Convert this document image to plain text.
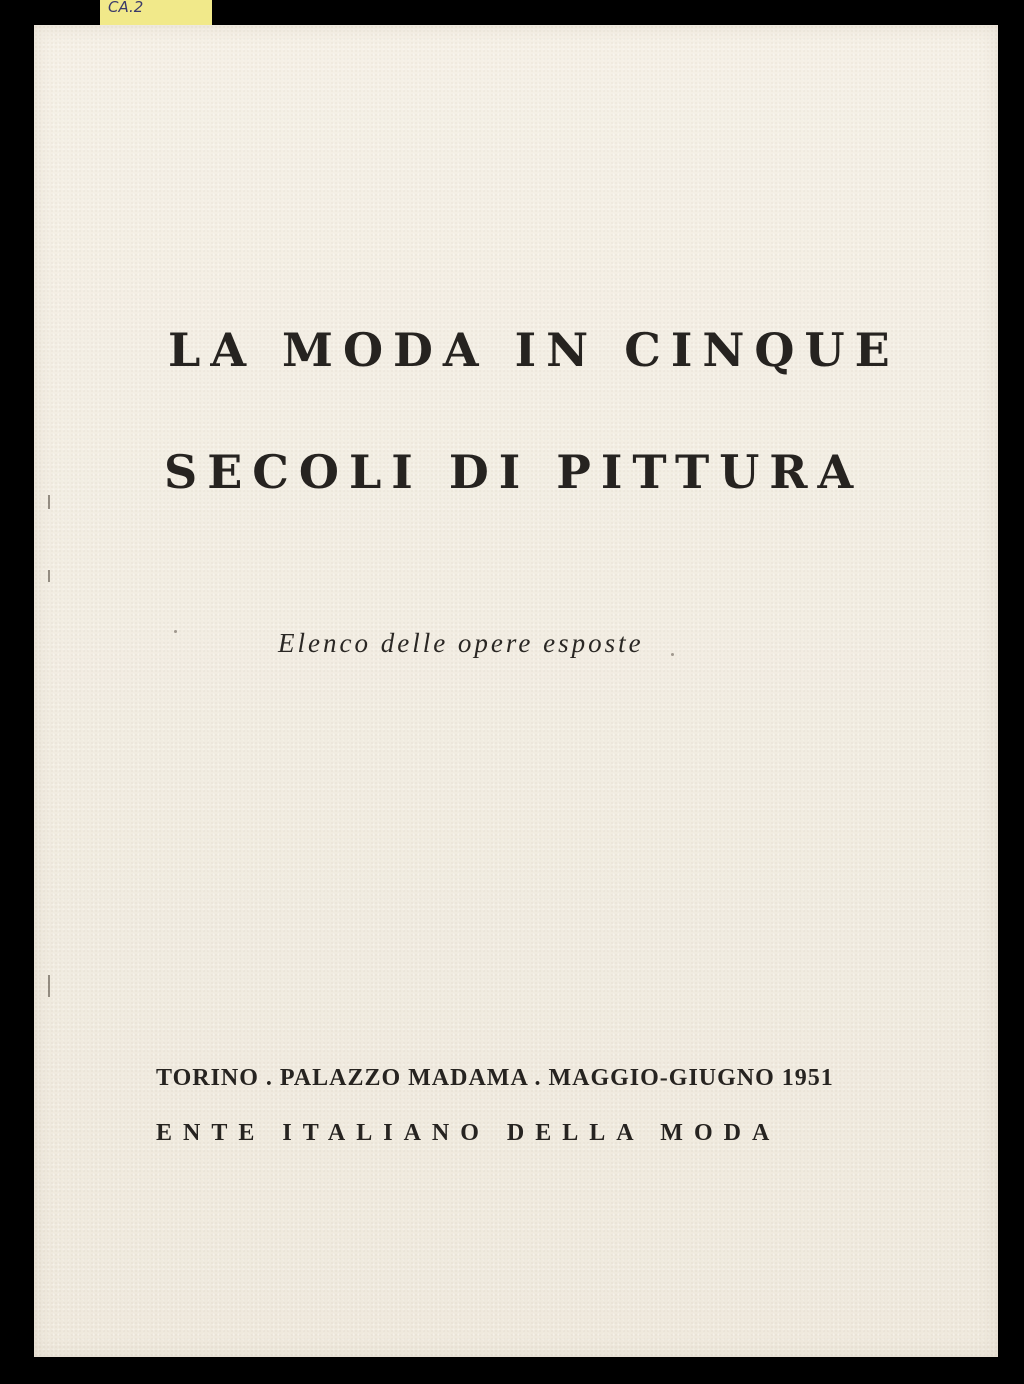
CA.2
LA MODA IN CINQUE
SECOLI DI PITTURA
Elenco delle opere esposte
TORINO . PALAZZO MADAMA . MAGGIO-GIUGNO 1951
ENTE ITALIANO DELLA MODA
